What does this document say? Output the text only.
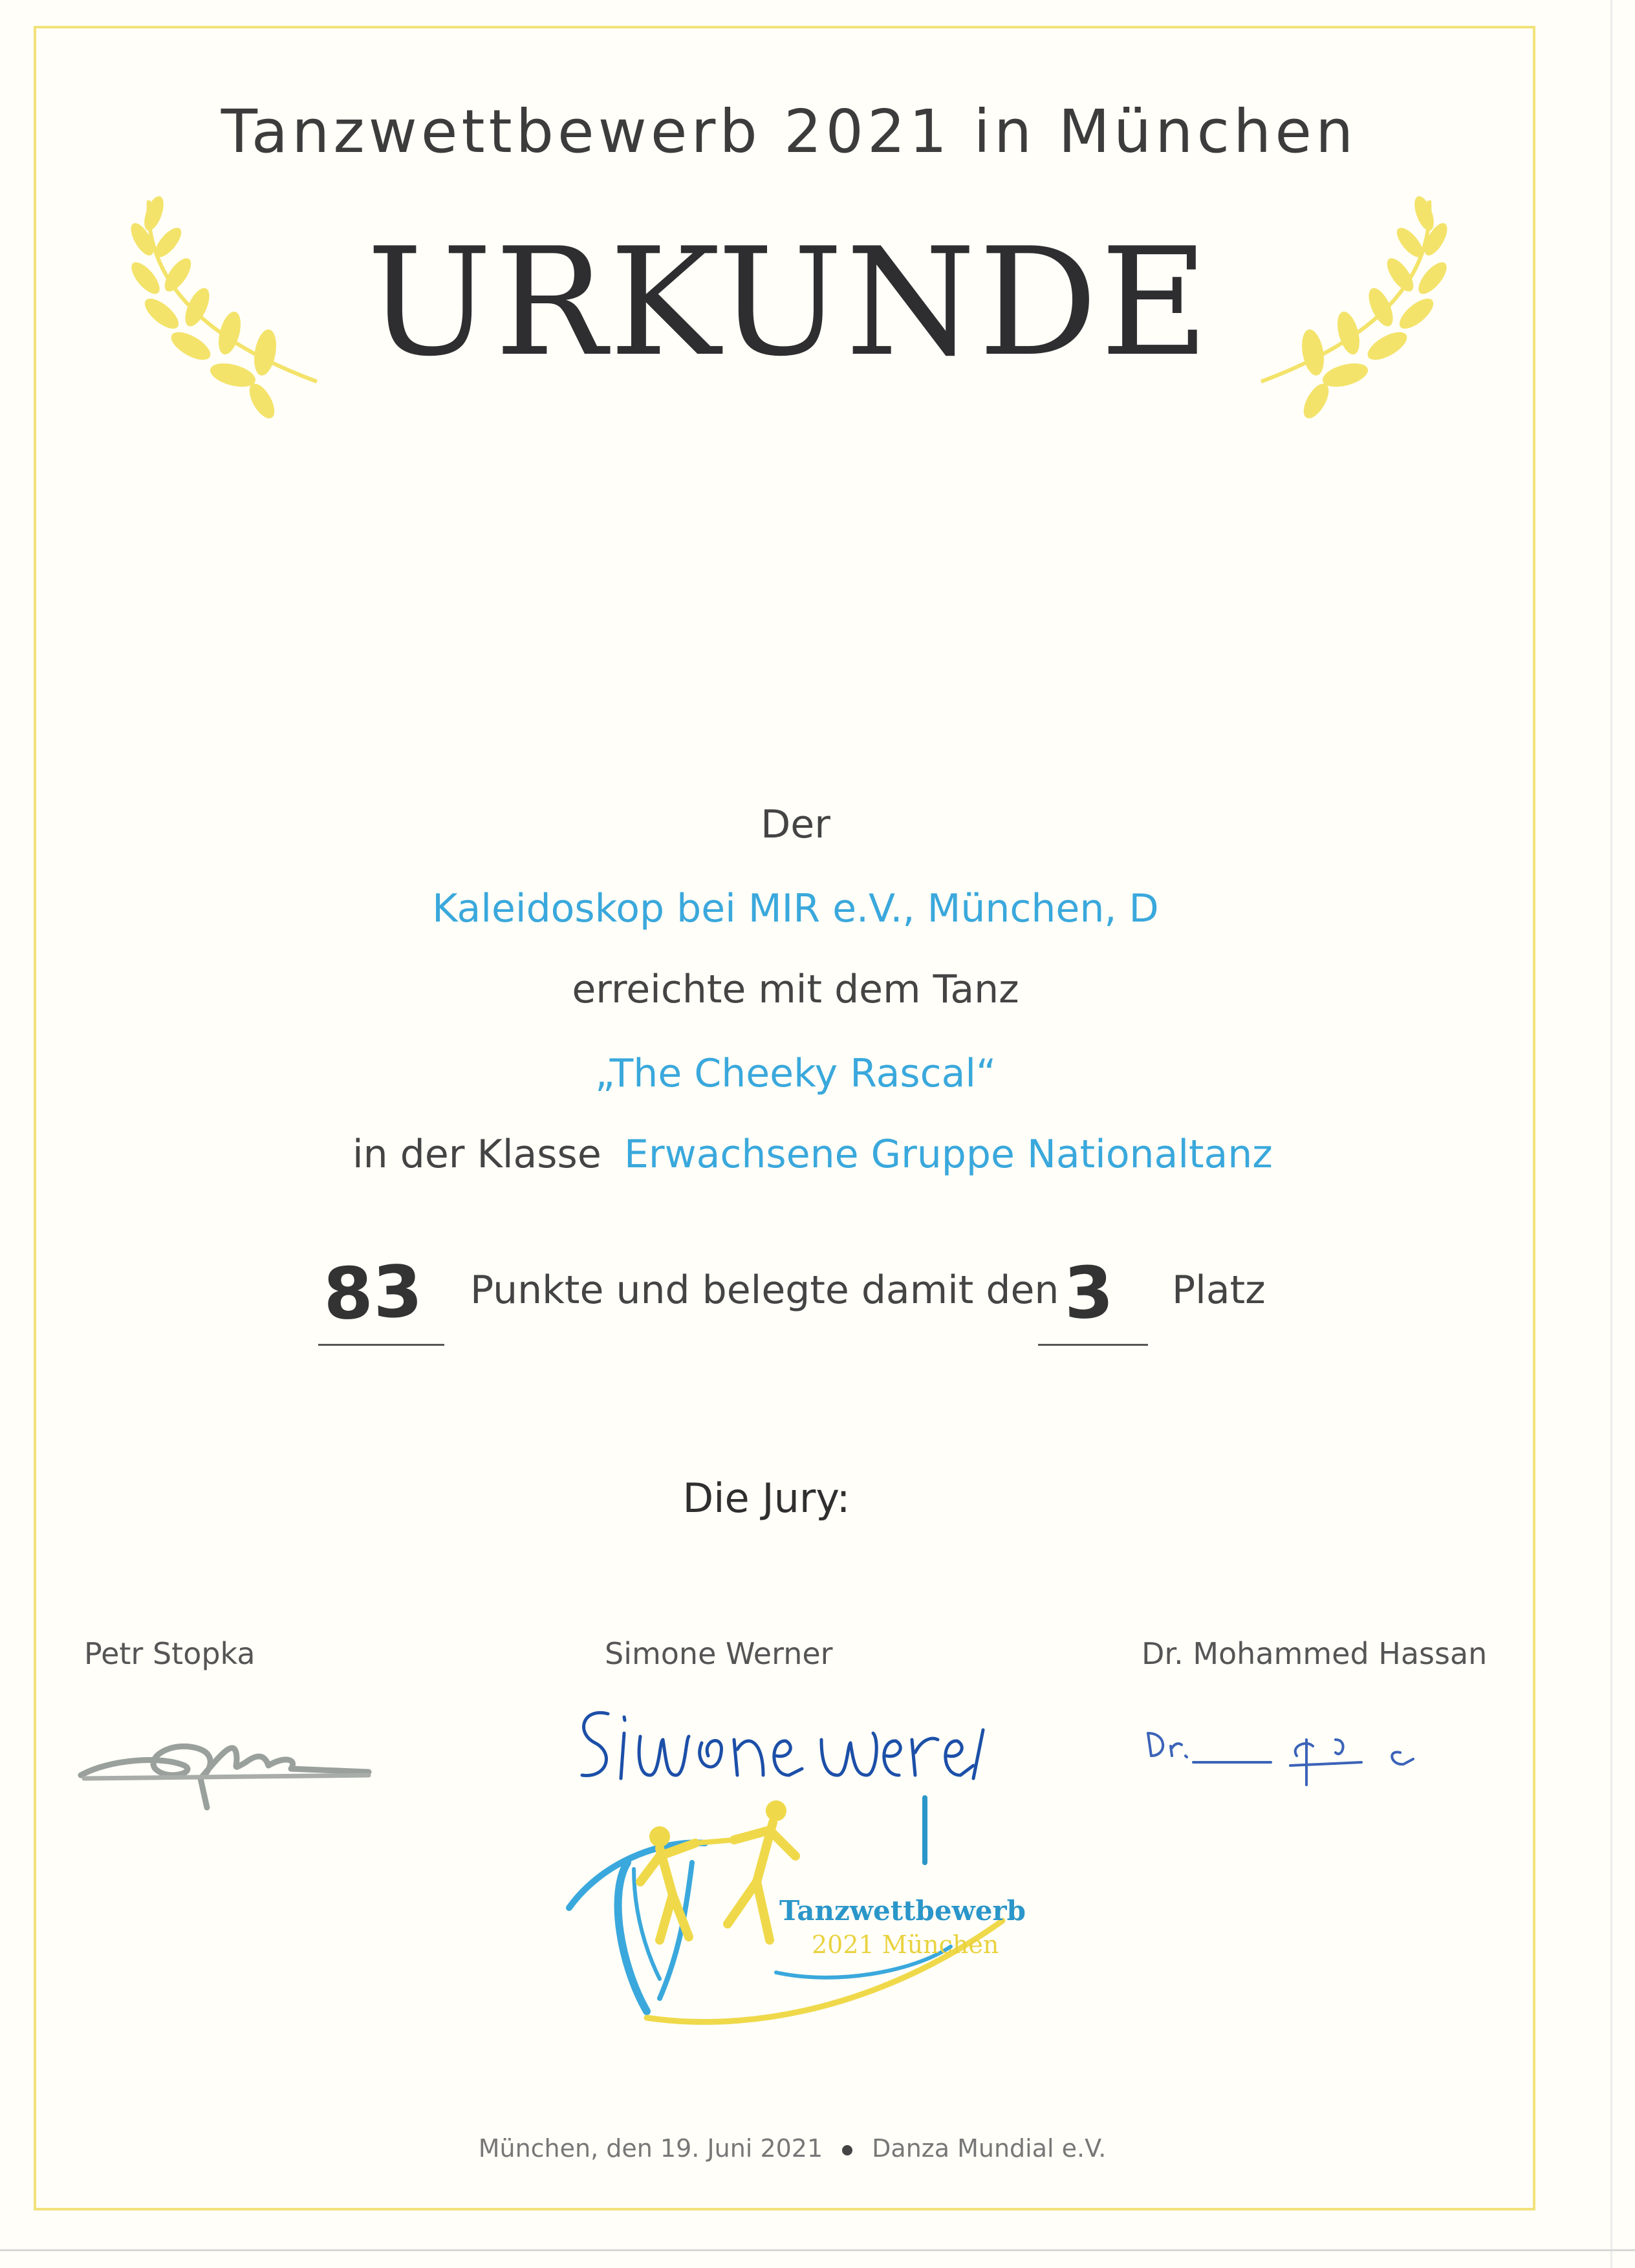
Tanzwettbewerb 2021 in München
URKUNDE
Der
Kaleidoskop bei MIR e.V., München, D
erreichte mit dem Tanz
„The Cheeky Rascal“
in der Klasse Erwachsene Gruppe Nationaltanz
83 Punkte und belegte damit den 3 Platz
Die Jury:
Petr Stopka	Simone Werner	Dr. Mohammed Hassan
Tanzwettbewerb
2021 München
München, den 19. Juni 2021 Danza Mundial e.V.
